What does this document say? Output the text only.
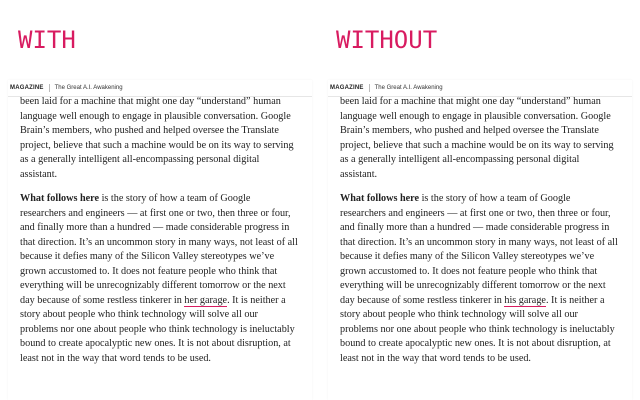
WITH
MAGAZINE The Great A.I. Awakening

been laid for a machine that might one day “understand” human language well enough to engage in plausible conversation. Google Brain’s members, who pushed and helped oversee the Translate project, believe that such a machine would be on its way to serving as a generally intelligent all-encompassing personal digital assistant.

What follows here is the story of how a team of Google researchers and engineers — at first one or two, then three or four, and finally more than a hundred — made considerable progress in that direction. It’s an uncommon story in many ways, not least of all because it defies many of the Silicon Valley stereotypes we’ve grown accustomed to. It does not feature people who think that everything will be unrecognizably different tomorrow or the next day because of some restless tinkerer in her garage. It is neither a story about people who think technology will solve all our problems nor one about people who think technology is ineluctably bound to create apocalyptic new ones. It is not about disruption, at least not in the way that word tends to be used.

WITHOUT
MAGAZINE The Great A.I. Awakening

been laid for a machine that might one day “understand” human language well enough to engage in plausible conversation. Google Brain’s members, who pushed and helped oversee the Translate project, believe that such a machine would be on its way to serving as a generally intelligent all-encompassing personal digital assistant.

What follows here is the story of how a team of Google researchers and engineers — at first one or two, then three or four, and finally more than a hundred — made considerable progress in that direction. It’s an uncommon story in many ways, not least of all because it defies many of the Silicon Valley stereotypes we’ve grown accustomed to. It does not feature people who think that everything will be unrecognizably different tomorrow or the next day because of some restless tinkerer in his garage. It is neither a story about people who think technology will solve all our problems nor one about people who think technology is ineluctably bound to create apocalyptic new ones. It is not about disruption, at least not in the way that word tends to be used.
